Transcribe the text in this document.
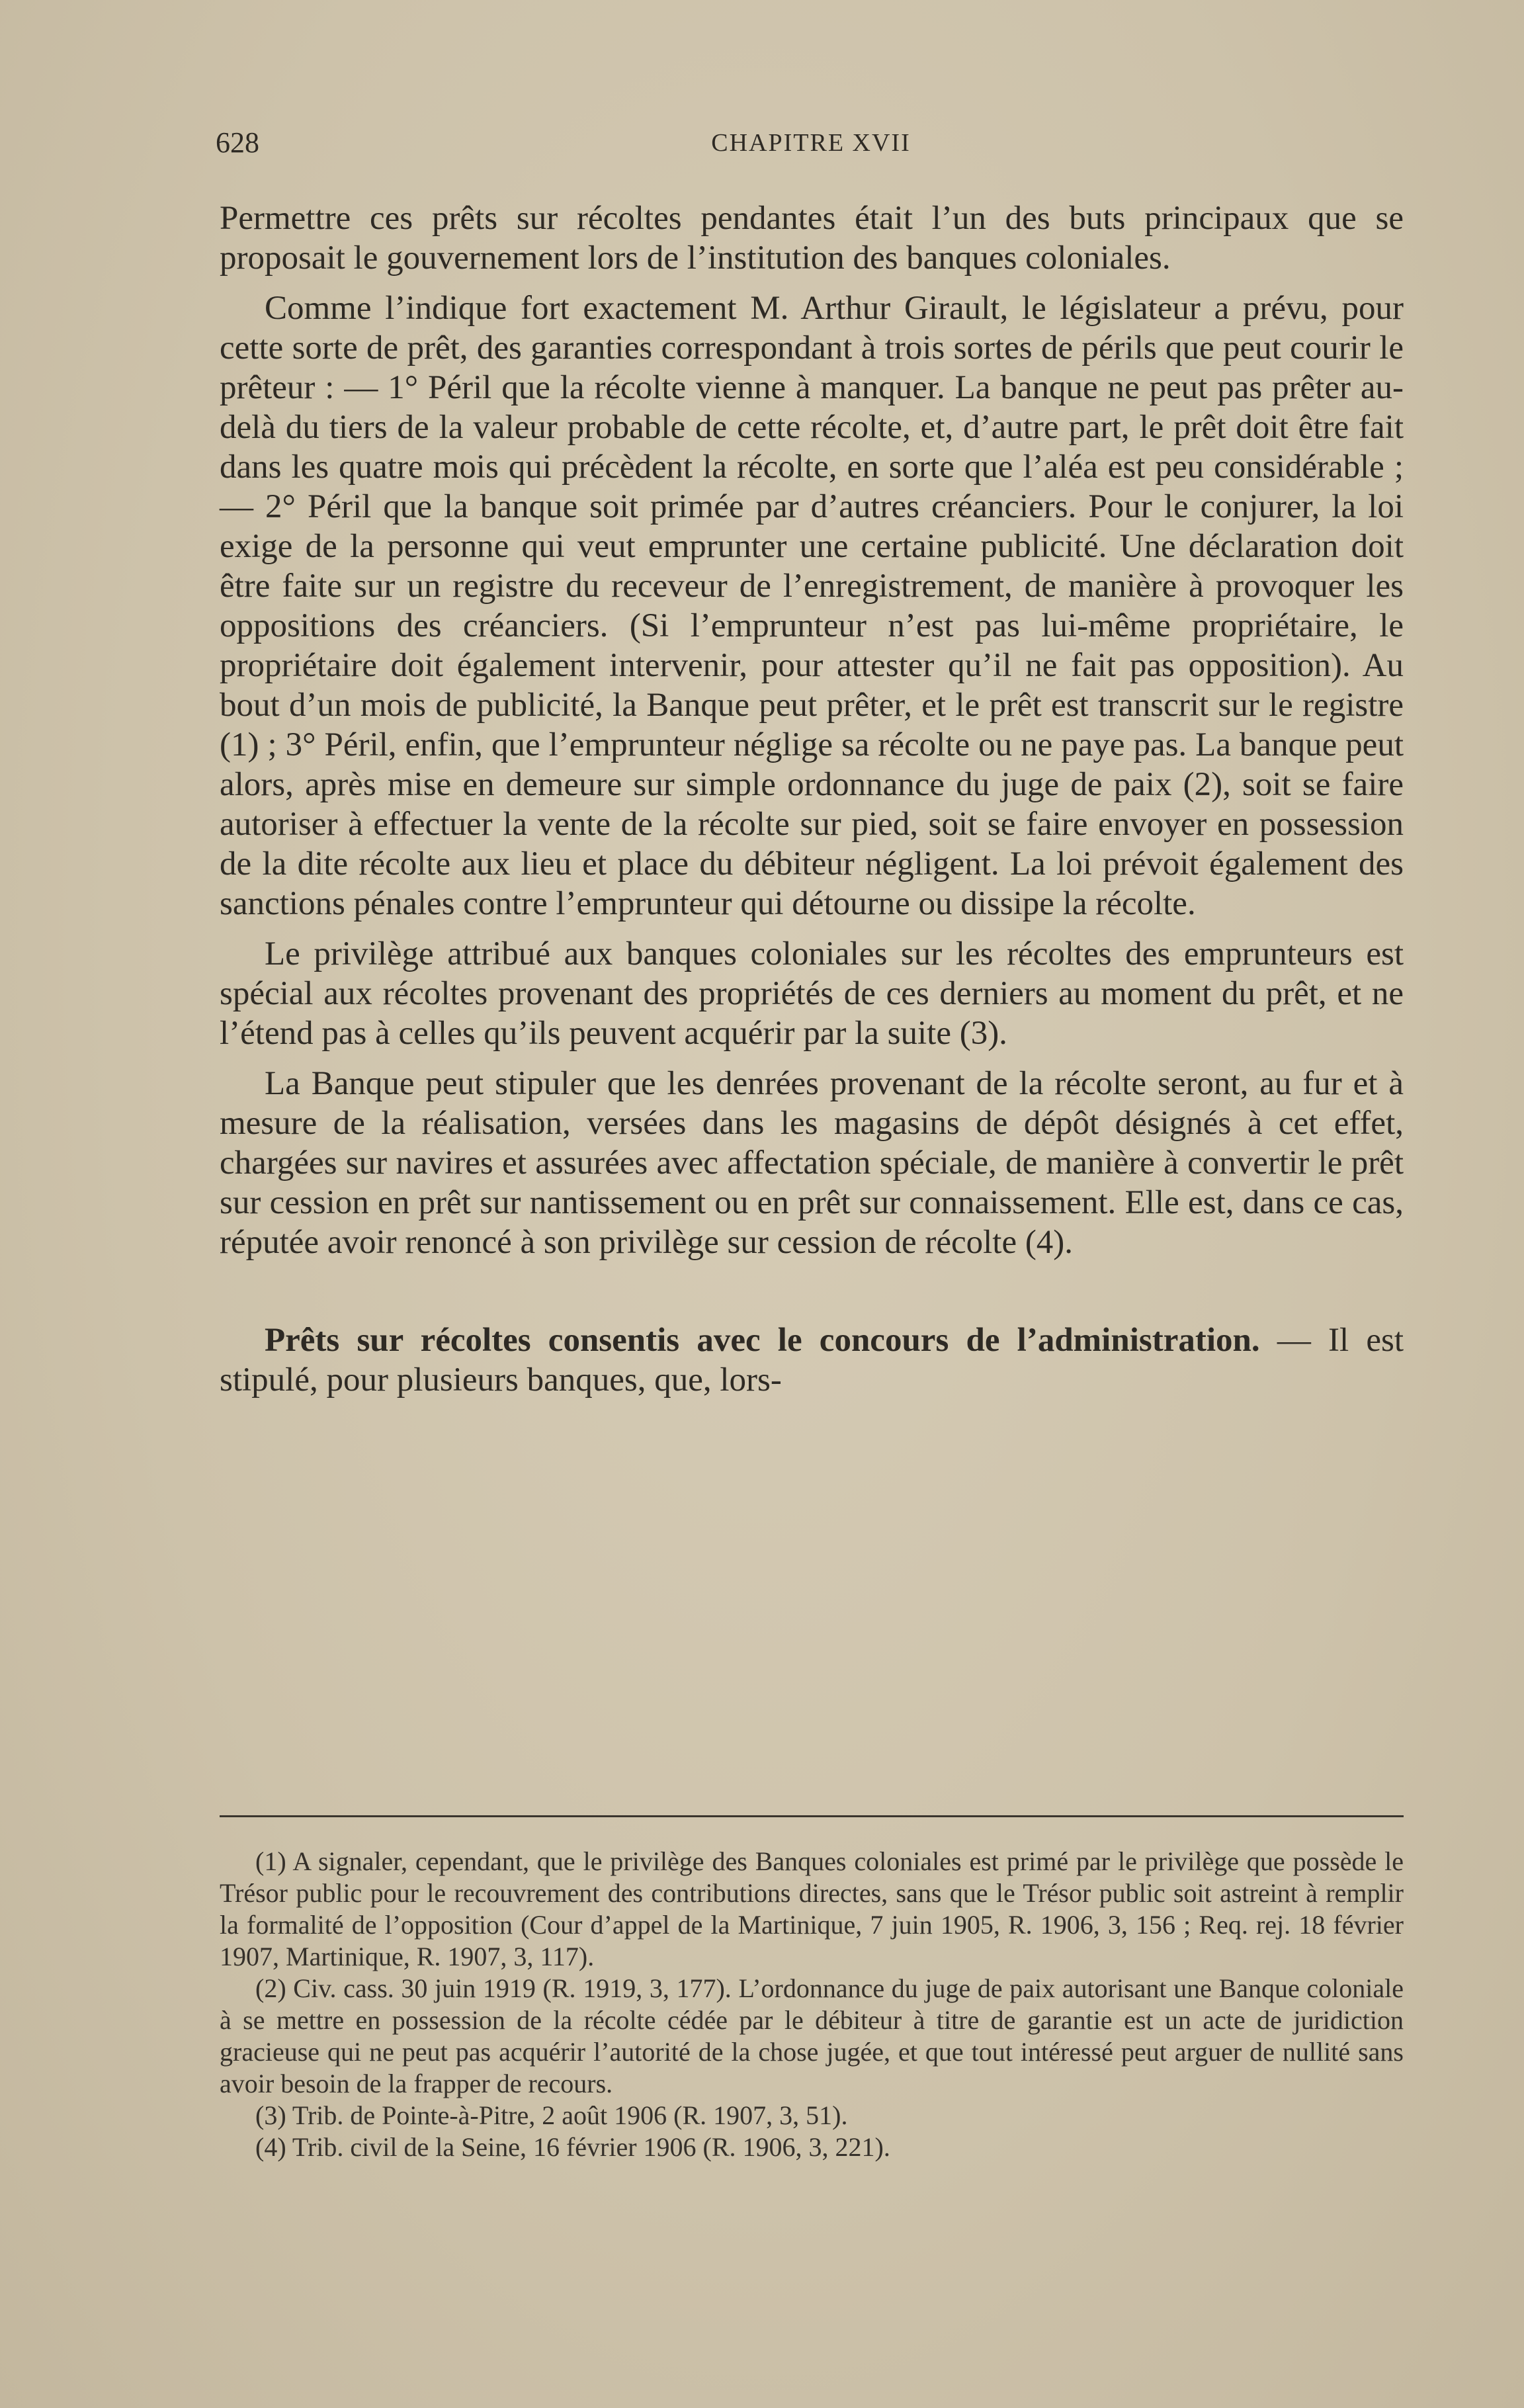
628	CHAPITRE XVII

Permettre ces prêts sur récoltes pendantes était l’un des buts principaux que se proposait le gouvernement lors de l’institution des banques coloniales.

Comme l’indique fort exactement M. Arthur Girault, le législateur a prévu, pour cette sorte de prêt, des garanties correspondant à trois sortes de périls que peut courir le prêteur : — 1° Péril que la récolte vienne à manquer. La banque ne peut pas prêter au-delà du tiers de la valeur probable de cette récolte, et, d’autre part, le prêt doit être fait dans les quatre mois qui précèdent la récolte, en sorte que l’aléa est peu considérable ; — 2° Péril que la banque soit primée par d’autres créanciers. Pour le conjurer, la loi exige de la personne qui veut emprunter une certaine publicité. Une déclaration doit être faite sur un registre du receveur de l’enregistrement, de manière à provoquer les oppositions des créanciers. (Si l’emprunteur n’est pas lui-même propriétaire, le propriétaire doit également intervenir, pour attester qu’il ne fait pas opposition). Au bout d’un mois de publicité, la Banque peut prêter, et le prêt est transcrit sur le registre (1) ; 3° Péril, enfin, que l’emprunteur néglige sa récolte ou ne paye pas. La banque peut alors, après mise en demeure sur simple ordonnance du juge de paix (2), soit se faire autoriser à effectuer la vente de la récolte sur pied, soit se faire envoyer en possession de la dite récolte aux lieu et place du débiteur négligent. La loi prévoit également des sanctions pénales contre l’emprunteur qui détourne ou dissipe la récolte.

Le privilège attribué aux banques coloniales sur les récoltes des emprunteurs est spécial aux récoltes provenant des propriétés de ces derniers au moment du prêt, et ne l’étend pas à celles qu’ils peuvent acquérir par la suite (3).

La Banque peut stipuler que les denrées provenant de la récolte seront, au fur et à mesure de la réalisation, versées dans les magasins de dépôt désignés à cet effet, chargées sur navires et assurées avec affectation spéciale, de manière à convertir le prêt sur cession en prêt sur nantissement ou en prêt sur connaissement. Elle est, dans ce cas, réputée avoir renoncé à son privilège sur cession de récolte (4).

Prêts sur récoltes consentis avec le concours de l’administration. — Il est stipulé, pour plusieurs banques, que, lors-

(1) A signaler, cependant, que le privilège des Banques coloniales est primé par le privilège que possède le Trésor public pour le recouvrement des contributions directes, sans que le Trésor public soit astreint à remplir la formalité de l’opposition (Cour d’appel de la Martinique, 7 juin 1905, R. 1906, 3, 156 ; Req. rej. 18 février 1907, Martinique, R. 1907, 3, 117).

(2) Civ. cass. 30 juin 1919 (R. 1919, 3, 177). L’ordonnance du juge de paix autorisant une Banque coloniale à se mettre en possession de la récolte cédée par le débiteur à titre de garantie est un acte de juridiction gracieuse qui ne peut pas acquérir l’autorité de la chose jugée, et que tout intéressé peut arguer de nullité sans avoir besoin de la frapper de recours.

(3) Trib. de Pointe-à-Pitre, 2 août 1906 (R. 1907, 3, 51).

(4) Trib. civil de la Seine, 16 février 1906 (R. 1906, 3, 221).
